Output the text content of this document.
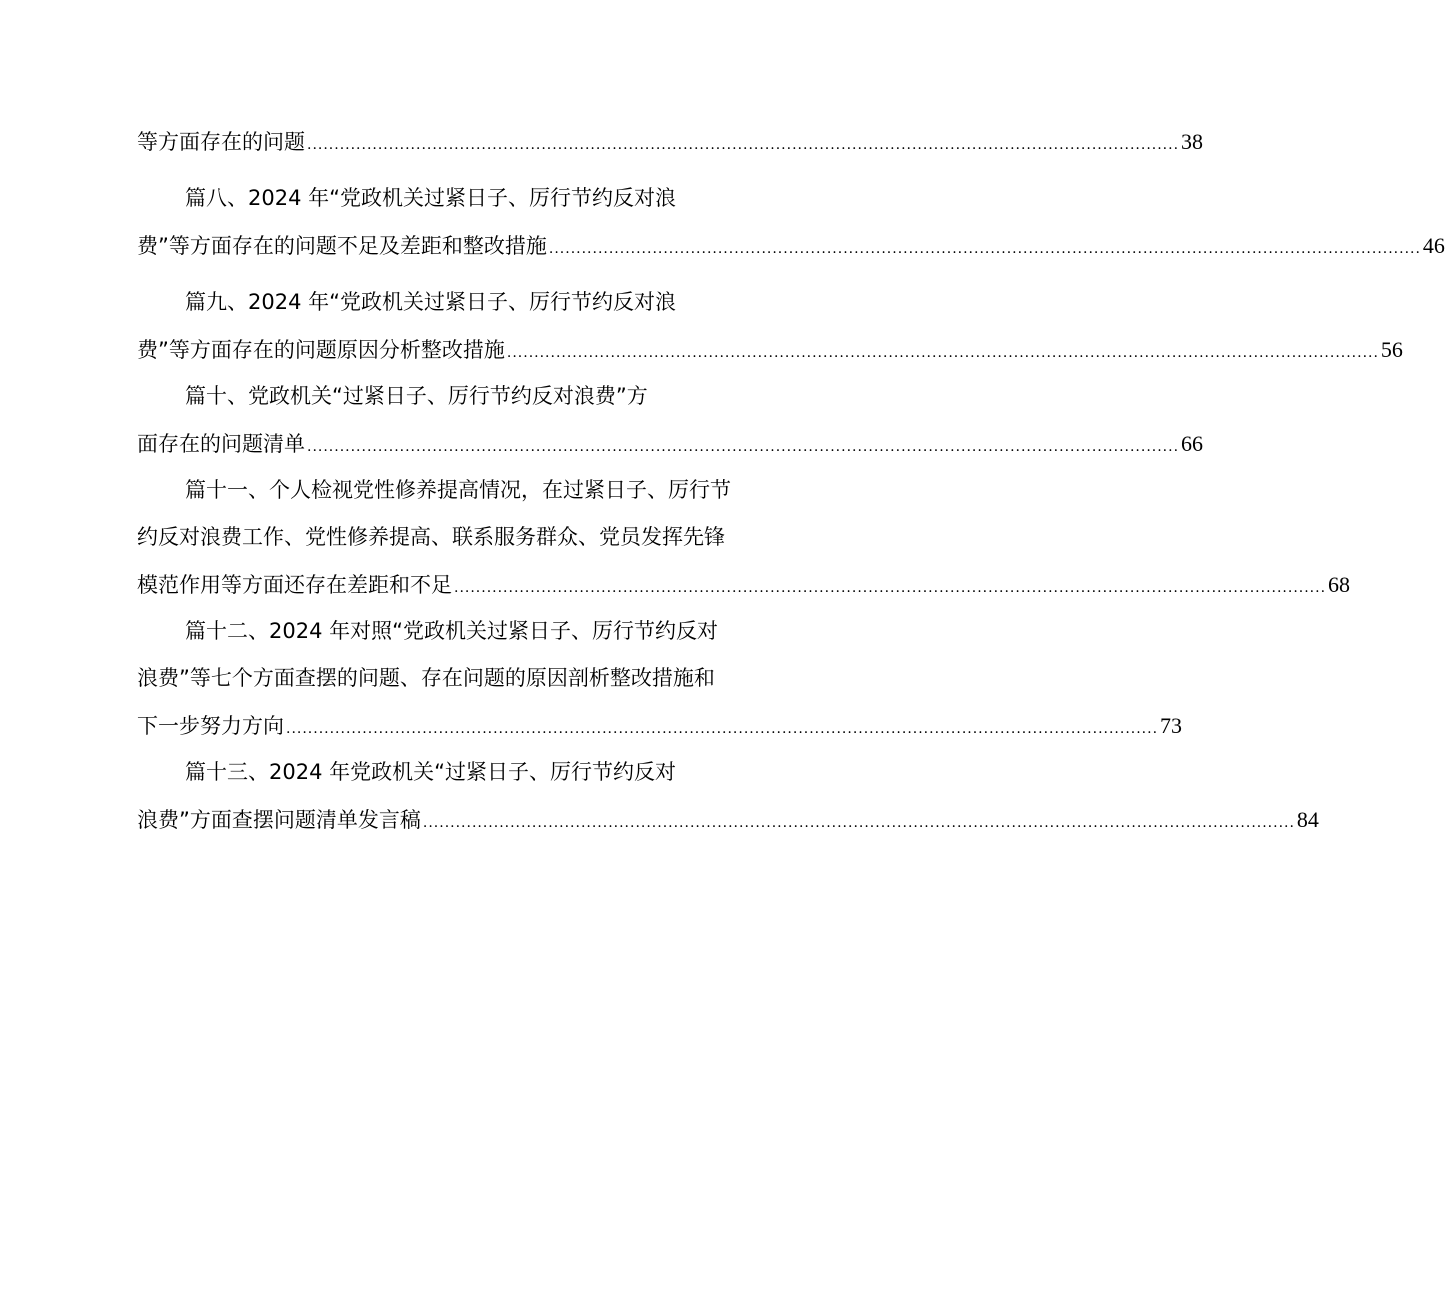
等方面存在的问题 ................................................................................................................................................................ 38
篇八、2024 年“党政机关过紧日子、厉行节约反对浪
费”等方面存在的问题不足及差距和整改措施 ................................................................................................................................................................ 46
篇九、2024 年“党政机关过紧日子、厉行节约反对浪
费”等方面存在的问题原因分析整改措施 ................................................................................................................................................................ 56
篇十、党政机关“过紧日子、厉行节约反对浪费”方
面存在的问题清单 ................................................................................................................................................................ 66
篇十一、个人检视党性修养提高情况，在过紧日子、厉行节
约反对浪费工作、党性修养提高、联系服务群众、党员发挥先锋
模范作用等方面还存在差距和不足 ................................................................................................................................................................ 68
篇十二、2024 年对照“党政机关过紧日子、厉行节约反对
浪费”等七个方面查摆的问题、存在问题的原因剖析整改措施和
下一步努力方向 ................................................................................................................................................................ 73
篇十三、2024 年党政机关“过紧日子、厉行节约反对
浪费”方面查摆问题清单发言稿 ................................................................................................................................................................ 84
